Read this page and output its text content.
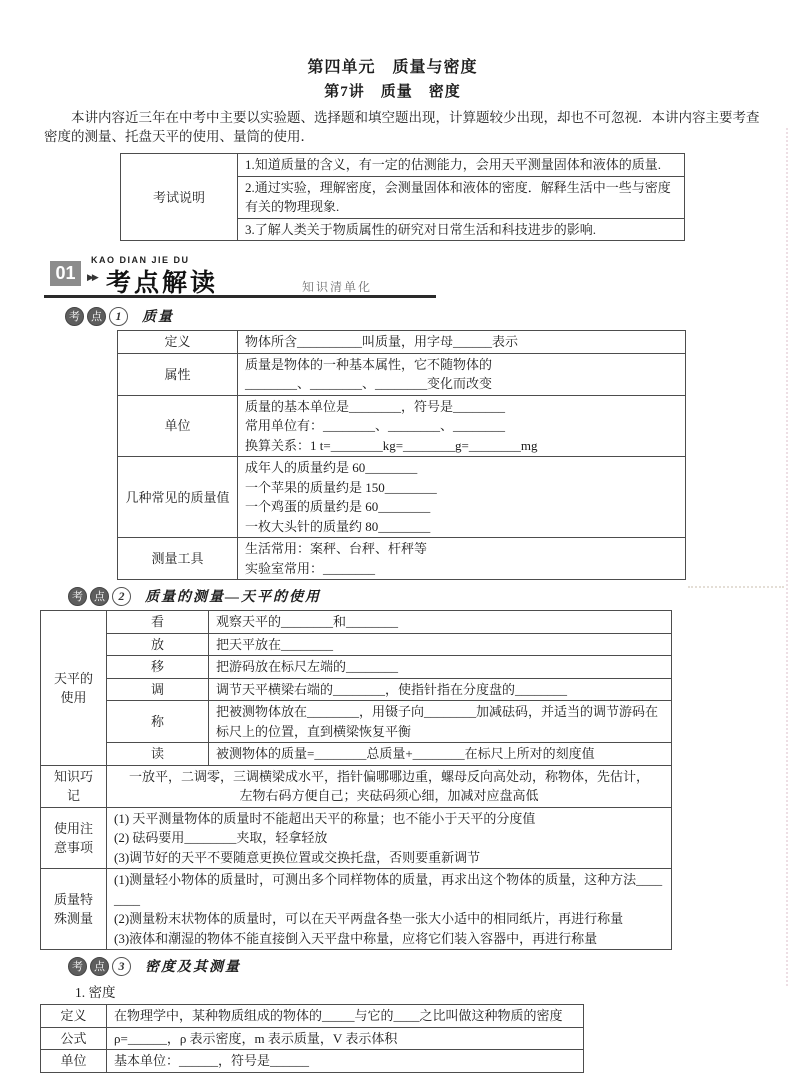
第四单元　质量与密度
第7讲　质量　密度

本讲内容近三年在中考中主要以实验题、选择题和填空题出现，计算题较少出现，却也不可忽视．本讲内容主要考查密度的测量、托盘天平的使用、量筒的使用．

考试说明	1.知道质量的含义，有一定的估测能力，会用天平测量固体和液体的质量.
2.通过实验，理解密度，会测量固体和液体的密度．解释生活中一些与密度有关的物理现象.
3.了解人类关于物质属性的研究对日常生活和科技进步的影响.
01
KAO DIAN JIE DU
▶▶ 考点解读	知识清单化
考	点	1	质量
定义	物体所含__________叫质量，用字母______表示

属性	质量是物体的一种基本属性，它不随物体的
________、________、________变化而改变

单位	质量的基本单位是________，符号是________
常用单位有：________、________、________
换算关系：1 t=________kg=________g=________mg

几种常见的质量值	成年人的质量约是 60________
一个苹果的质量约是 150________
一个鸡蛋的质量约是 60________
一枚大头针的质量约 80________

测量工具	生活常用：案秤、台秤、杆秤等
实验室常用：________
考	点	2	质量的测量—天平的使用
天平的使用	看	观察天平的________和________
	放	把天平放在________
	移	把游码放在标尺左端的________
	调	调节天平横梁右端的________，使指针指在分度盘的________
	称	把被测物体放在________，用镊子向________加减砝码，并适当的调节游码在标尺上的位置，直到横梁恢复平衡
	读	被测物体的质量=________总质量+________在标尺上所对的刻度值
知识巧记	一放平，二调零，三调横梁成水平，指针偏哪哪边重，螺母反向高处动，称物体，先估计，
左物右码方便自己；夹砝码须心细，加减对应盘高低	

使用注意事项	(1) 天平测量物体的质量时不能超出天平的称量；也不能小于天平的分度值
(2) 砝码要用________夹取，轻拿轻放
(3)调节好的天平不要随意更换位置或交换托盘，否则要重新调节	

质量特殊测量	(1)测量轻小物体的质量时，可测出多个同样物体的质量，再求出这个物体的质量，这种方法________
(2)测量粉末状物体的质量时，可以在天平两盘各垫一张大小适中的相同纸片，再进行称量
(3)液体和潮湿的物体不能直接倒入天平盘中称量，应将它们装入容器中，再进行称量	
考	点	3	密度及其测量
1. 密度
定义	在物理学中，某种物质组成的物体的_____与它的____之比叫做这种物质的密度
公式	ρ=______，ρ 表示密度，m 表示质量，V 表示体积
单位	基本单位：______，符号是______
